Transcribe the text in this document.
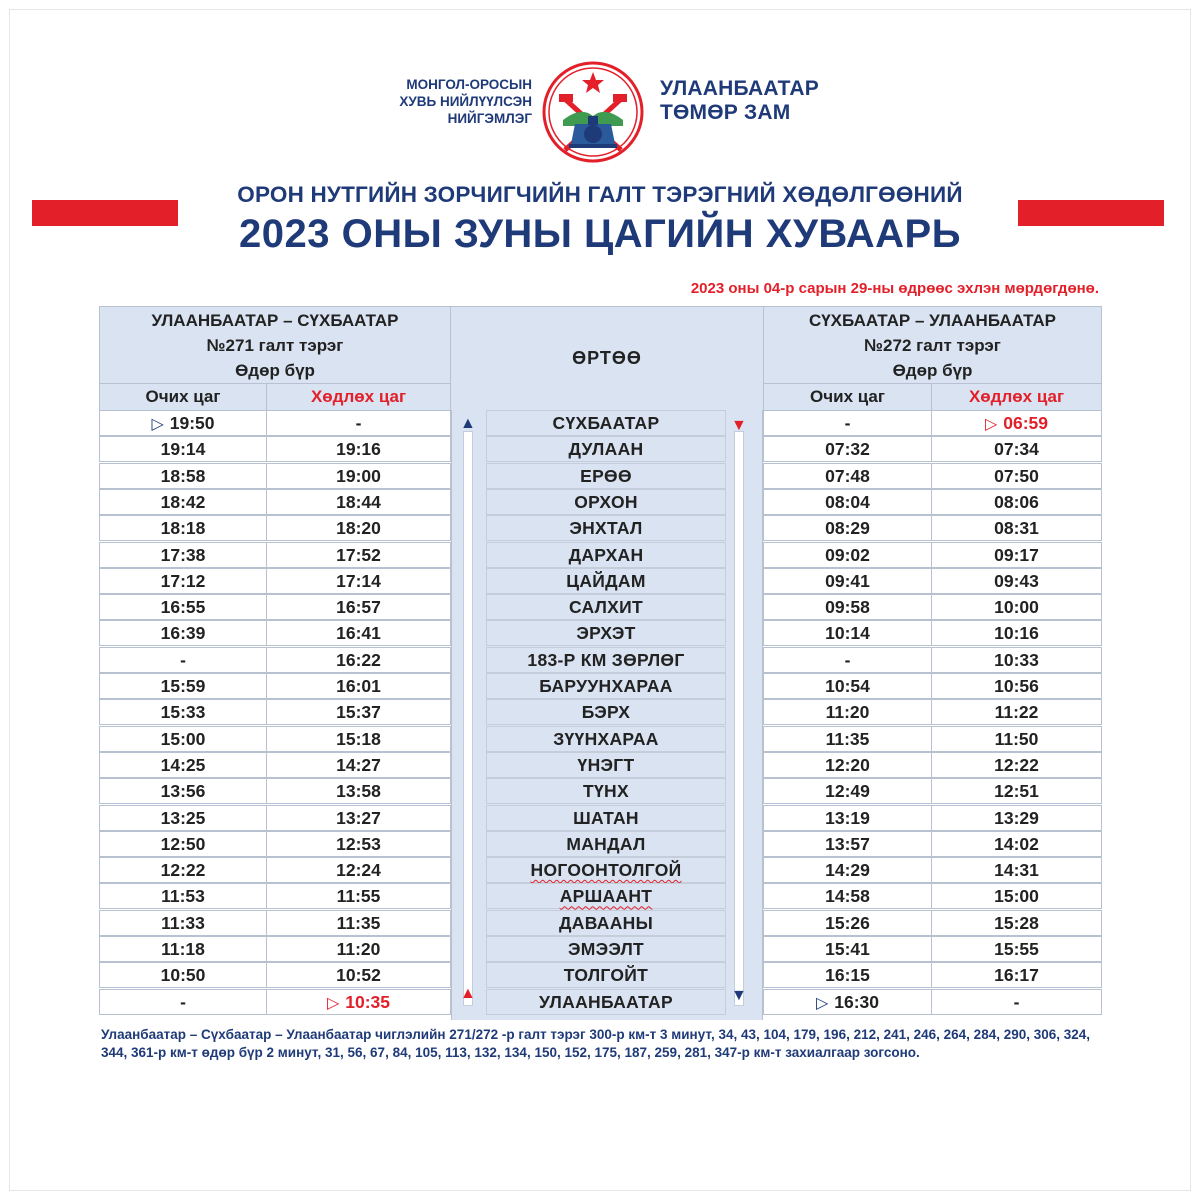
МОНГОЛ-ОРОСЫН
ХУВЬ НИЙЛҮҮЛСЭН
НИЙГЭМЛЭГ
УЛААНБААТАР
ТӨМӨР ЗАМ
ОРОН НУТГИЙН ЗОРЧИГЧИЙН ГАЛТ ТЭРЭГНИЙ ХӨДӨЛГӨӨНИЙ
2023 ОНЫ ЗУНЫ ЦАГИЙН ХУВААРЬ
2023 оны 04-р сарын 29-ны өдрөөс эхлэн мөрдөгдөнө.
УЛААНБААТАР – СҮХБААТАР
№271 галт тэрэг
Өдөр бүр
ӨРТӨӨ
СҮХБААТАР – УЛААНБААТАР
№272 галт тэрэг
Өдөр бүр
Очих цаг	Хөдлөх цаг	Очих цаг	Хөдлөх цаг
▲
▲
▼
▼
▷ 19:50	-	СҮХБААТАР	-	▷ 06:59
19:14	19:16	ДУЛААН	07:32	07:34
18:58	19:00	ЕРӨӨ	07:48	07:50
18:42	18:44	ОРХОН	08:04	08:06
18:18	18:20	ЭНХТАЛ	08:29	08:31
17:38	17:52	ДАРХАН	09:02	09:17
17:12	17:14	ЦАЙДАМ	09:41	09:43
16:55	16:57	САЛХИТ	09:58	10:00
16:39	16:41	ЭРХЭТ	10:14	10:16
-	16:22	183-Р КМ ЗӨРЛӨГ	-	10:33
15:59	16:01	БАРУУНХАРАА	10:54	10:56
15:33	15:37	БЭРХ	11:20	11:22
15:00	15:18	ЗҮҮНХАРАА	11:35	11:50
14:25	14:27	ҮНЭГТ	12:20	12:22
13:56	13:58	ТҮНХ	12:49	12:51
13:25	13:27	ШАТАН	13:19	13:29
12:50	12:53	МАНДАЛ	13:57	14:02
12:22	12:24	НОГООНТОЛГОЙ	14:29	14:31
11:53	11:55	АРШААНТ	14:58	15:00
11:33	11:35	ДАВААНЫ	15:26	15:28
11:18	11:20	ЭМЭЭЛТ	15:41	15:55
10:50	10:52	ТОЛГОЙТ	16:15	16:17
-	▷ 10:35	УЛААНБААТАР	▷ 16:30	-
Улаанбаатар – Сүхбаатар – Улаанбаатар чиглэлийн 271/272 -р галт тэрэг 300-р км-т 3 минут, 34, 43, 104, 179, 196, 212, 241, 246, 264, 284, 290, 306, 324, 344, 361-р км-т өдөр бүр 2 минут, 31, 56, 67, 84, 105, 113, 132, 134, 150, 152, 175, 187, 259, 281, 347-р км-т захиалгаар зогсоно.
